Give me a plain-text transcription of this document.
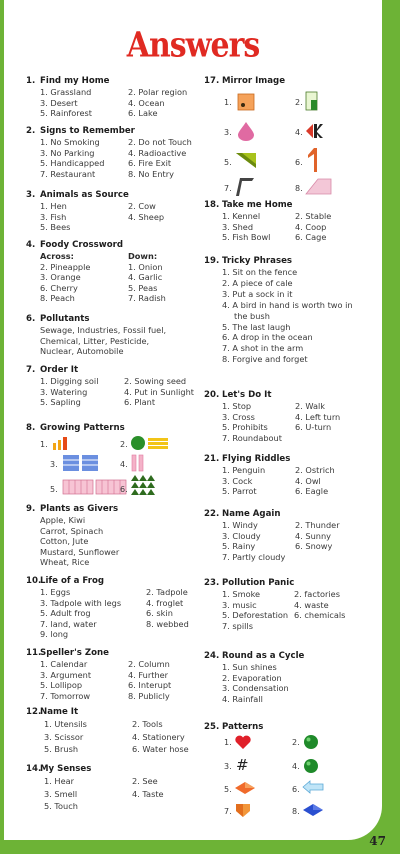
Answers
1. Find my Home
1. Grassland	2. Polar region
3. Desert	4. Ocean
5. Rainforest	6. Lake
2. Signs to Remember
1. No Smoking	2. Do not Touch
3. No Parking	4. Radioactive
5. Handicapped	6. Fire Exit
7. Restaurant	8. No Entry
3. Animals as Source
1. Hen	2. Cow
3. Fish	4. Sheep
5. Bees
4. Foody Crossword
Across:	Down:
2. Pineapple	1. Onion
3. Orange	4. Garlic
6. Cherry	5. Peas
8. Peach	7. Radish
6. Pollutants
Sewage, Industries, Fossil fuel,
Chemical, Litter, Pesticide,
Nuclear, Automobile
7. Order It
1. Digging soil	2. Sowing seed
3. Watering	4. Put in Sunlight
5. Sapling	6. Plant
8. Growing Patterns
1.	2.
3.	4.
5.	6.
9. Plants as Givers
Apple, Kiwi
Carrot, Spinach
Cotton, Jute
Mustard, Sunflower
Wheat, Rice
10.Life of a Frog
1. Eggs	2. Tadpole
3. Tadpole with legs	4. froglet
5. Adult frog	6. skin
7. land, water	8. webbed
9. long
11.Speller's Zone
1. Calendar	2. Column
3. Argument	4. Further
5. Lollipop	6. Interupt
7. Tomorrow	8. Publicly
12.Name It
1. Utensils	2. Tools
3. Scissor	4. Stationery
5. Brush	6. Water hose
14.My Senses
1. Hear	2. See
3. Smell	4. Taste
5. Touch
17. Mirror Image
1.	2.
3.	4.
5.	6.
7.	8.
18. Take me Home
1. Kennel	2. Stable
3. Shed	4. Coop
5. Fish Bowl	6. Cage
19. Tricky Phrases
1. Sit on the fence
2. A piece of cale
3. Put a sock in it
4. A bird in hand is worth two in
the bush
5. The last laugh
6. A drop in the ocean
7. A shot in the arm
8. Forgive and forget
20. Let's Do It
1. Stop	2. Walk
3. Cross	4. Left turn
5. Prohibits	6. U-turn
7. Roundabout
21. Flying Riddles
1. Penguin	2. Ostrich
3. Cock	4. Owl
5. Parrot	6. Eagle
22. Name Again
1. Windy	2. Thunder
3. Cloudy	4. Sunny
5. Rainy	6. Snowy
7. Partly cloudy
23. Pollution Panic
1. Smoke	2. factories
3. music	4. waste
5. Deforestation 6. chemicals
7. spills
24. Round as a Cycle
1. Sun shines
2. Evaporation
3. Condensation
4. Rainfall
25. Patterns
1.	2.
3. #	4.
5.	6.
7.	8.
47
